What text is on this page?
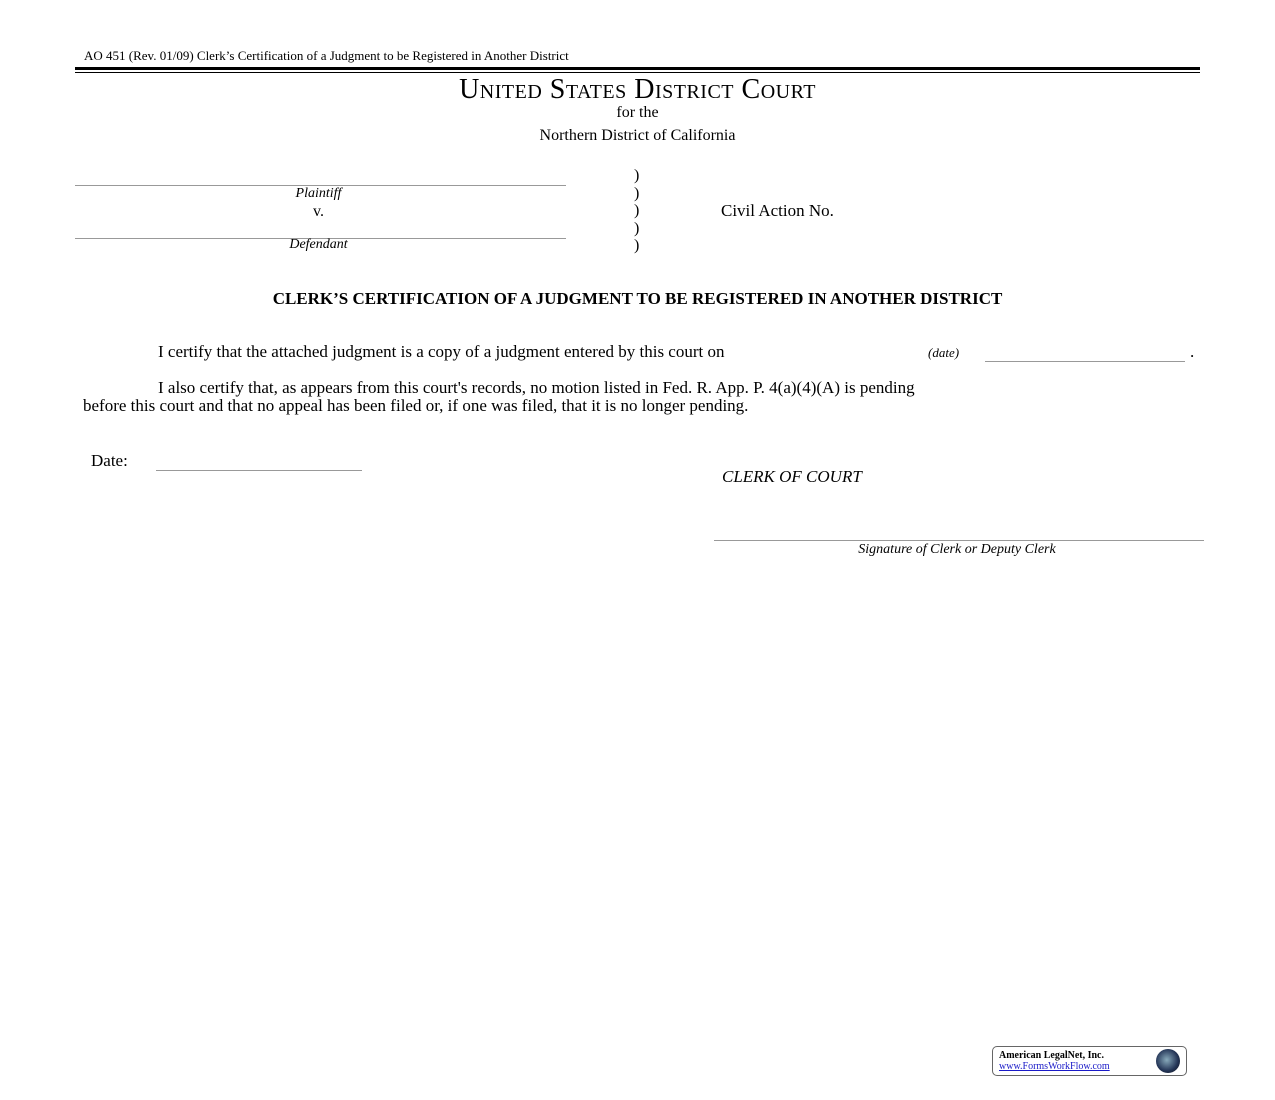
AO 451 (Rev. 01/09) Clerk’s Certification of a Judgment to be Registered in Another District
United States District Court
for the
Northern District of California
Plaintiff
v.
Defendant
)
)
)
)
)
Civil Action No.
CLERK’S CERTIFICATION OF A JUDGMENT TO BE REGISTERED IN ANOTHER DISTRICT
I certify that the attached judgment is a copy of a judgment entered by this court on	(date)	.
I also certify that, as appears from this court's records, no motion listed in Fed. R. App. P. 4(a)(4)(A) is pending
before this court and that no appeal has been filed or, if one was filed, that it is no longer pending.
Date:
CLERK OF COURT
Signature of Clerk or Deputy Clerk
American LegalNet, Inc.
www.FormsWorkFlow.com
